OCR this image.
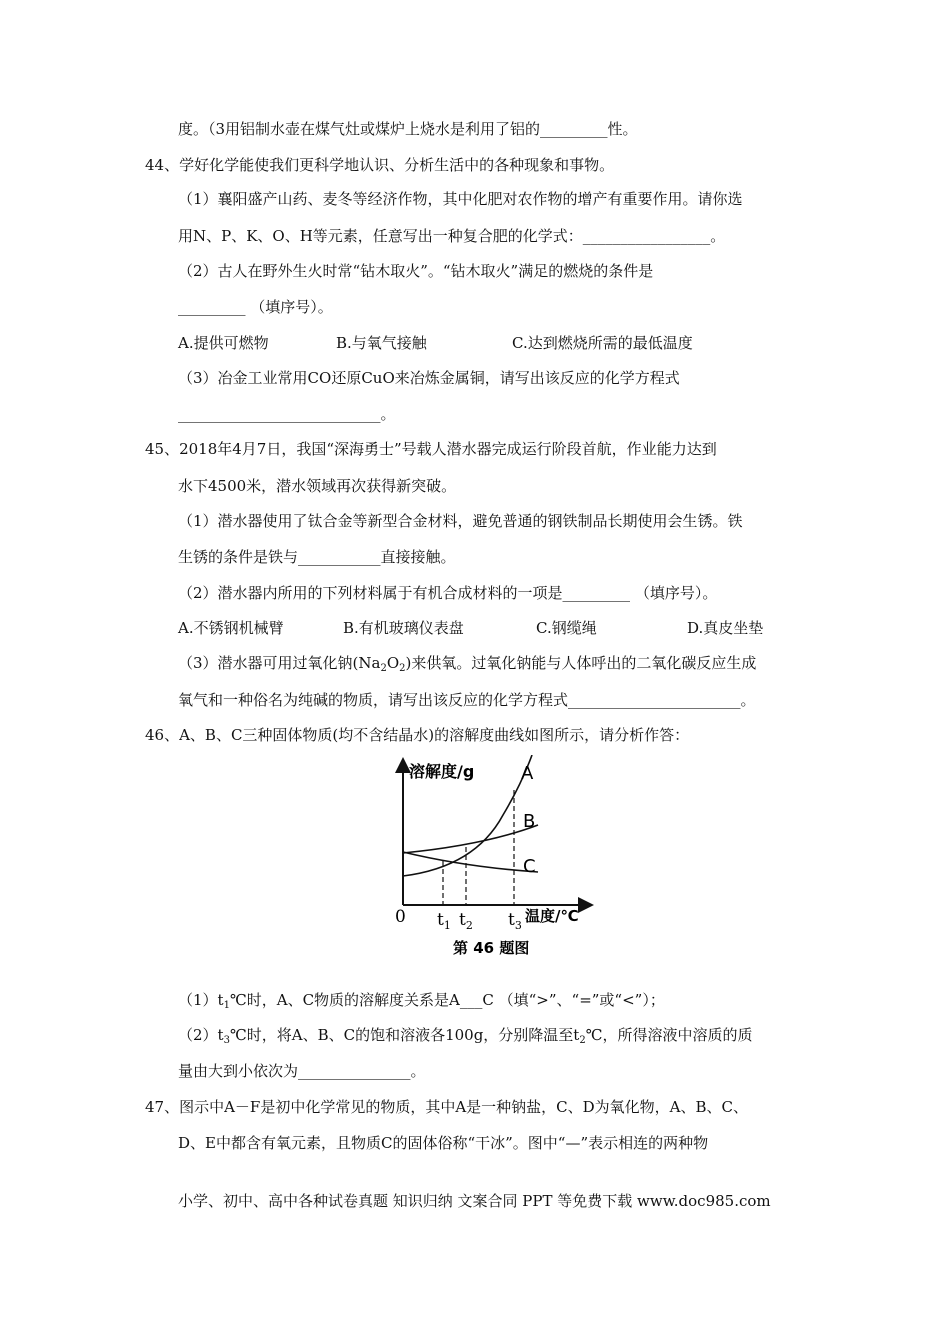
度。（3用铝制水壶在煤气灶或煤炉上烧水是利用了铝的_________性。
44、学好化学能使我们更科学地认识、分析生活中的各种现象和事物。
（1）襄阳盛产山药、麦冬等经济作物，其中化肥对农作物的增产有重要作用。请你选
用N、P、K、O、H等元素，任意写出一种复合肥的化学式：_________________。
（2）古人在野外生火时常“钻木取火”。“钻木取火”满足的燃烧的条件是
_________ （填序号）。
A.提供可燃物	B.与氧气接触	C.达到燃烧所需的最低温度
（3）冶金工业常用CO还原CuO来冶炼金属铜，请写出该反应的化学方程式
___________________________。
45、2018年4月7日，我国“深海勇士”号载人潜水器完成运行阶段首航，作业能力达到
水下4500米，潜水领域再次获得新突破。
（1）潜水器使用了钛合金等新型合金材料，避免普通的钢铁制品长期使用会生锈。铁
生锈的条件是铁与___________直接接触。
（2）潜水器内所用的下列材料属于有机合成材料的一项是_________ （填序号）。
A.不锈钢机械臂	B.有机玻璃仪表盘	C.钢缆绳	D.真皮坐垫
（3）潜水器可用过氧化钠$(Na_2O_2)$来供氧。过氧化钠能与人体呼出的二氧化碳反应生成
氧气和一种俗名为纯碱的物质，请写出该反应的化学方程式_______________________。
46、A、B、C三种固体物质(均不含结晶水)的溶解度曲线如图所示，请分析作答：
溶解度/g	A
B
C
0 $t_1$ $t_2$ $t_3$
温度/℃
第 46 题图
$(1)t_1℃$时，A、C物质的溶解度关系是A___C （填“>”、“=”或“<”）；
$(2)t_3℃$时，将A、B、C的饱和溶液各100g，分别降温至$t_2℃$，所得溶液中溶质的质
量由大到小依次为_______________。
47、图示中A－F是初中化学常见的物质，其中A是一种钠盐，C、D为氧化物，A、B、C、
D、E中都含有氧元素，且物质C的固体俗称“干冰”。图中“—”表示相连的两种物
小学、初中、高中各种试卷真题 知识归纳 文案合同 PPT 等免费下载 www.doc985.com
